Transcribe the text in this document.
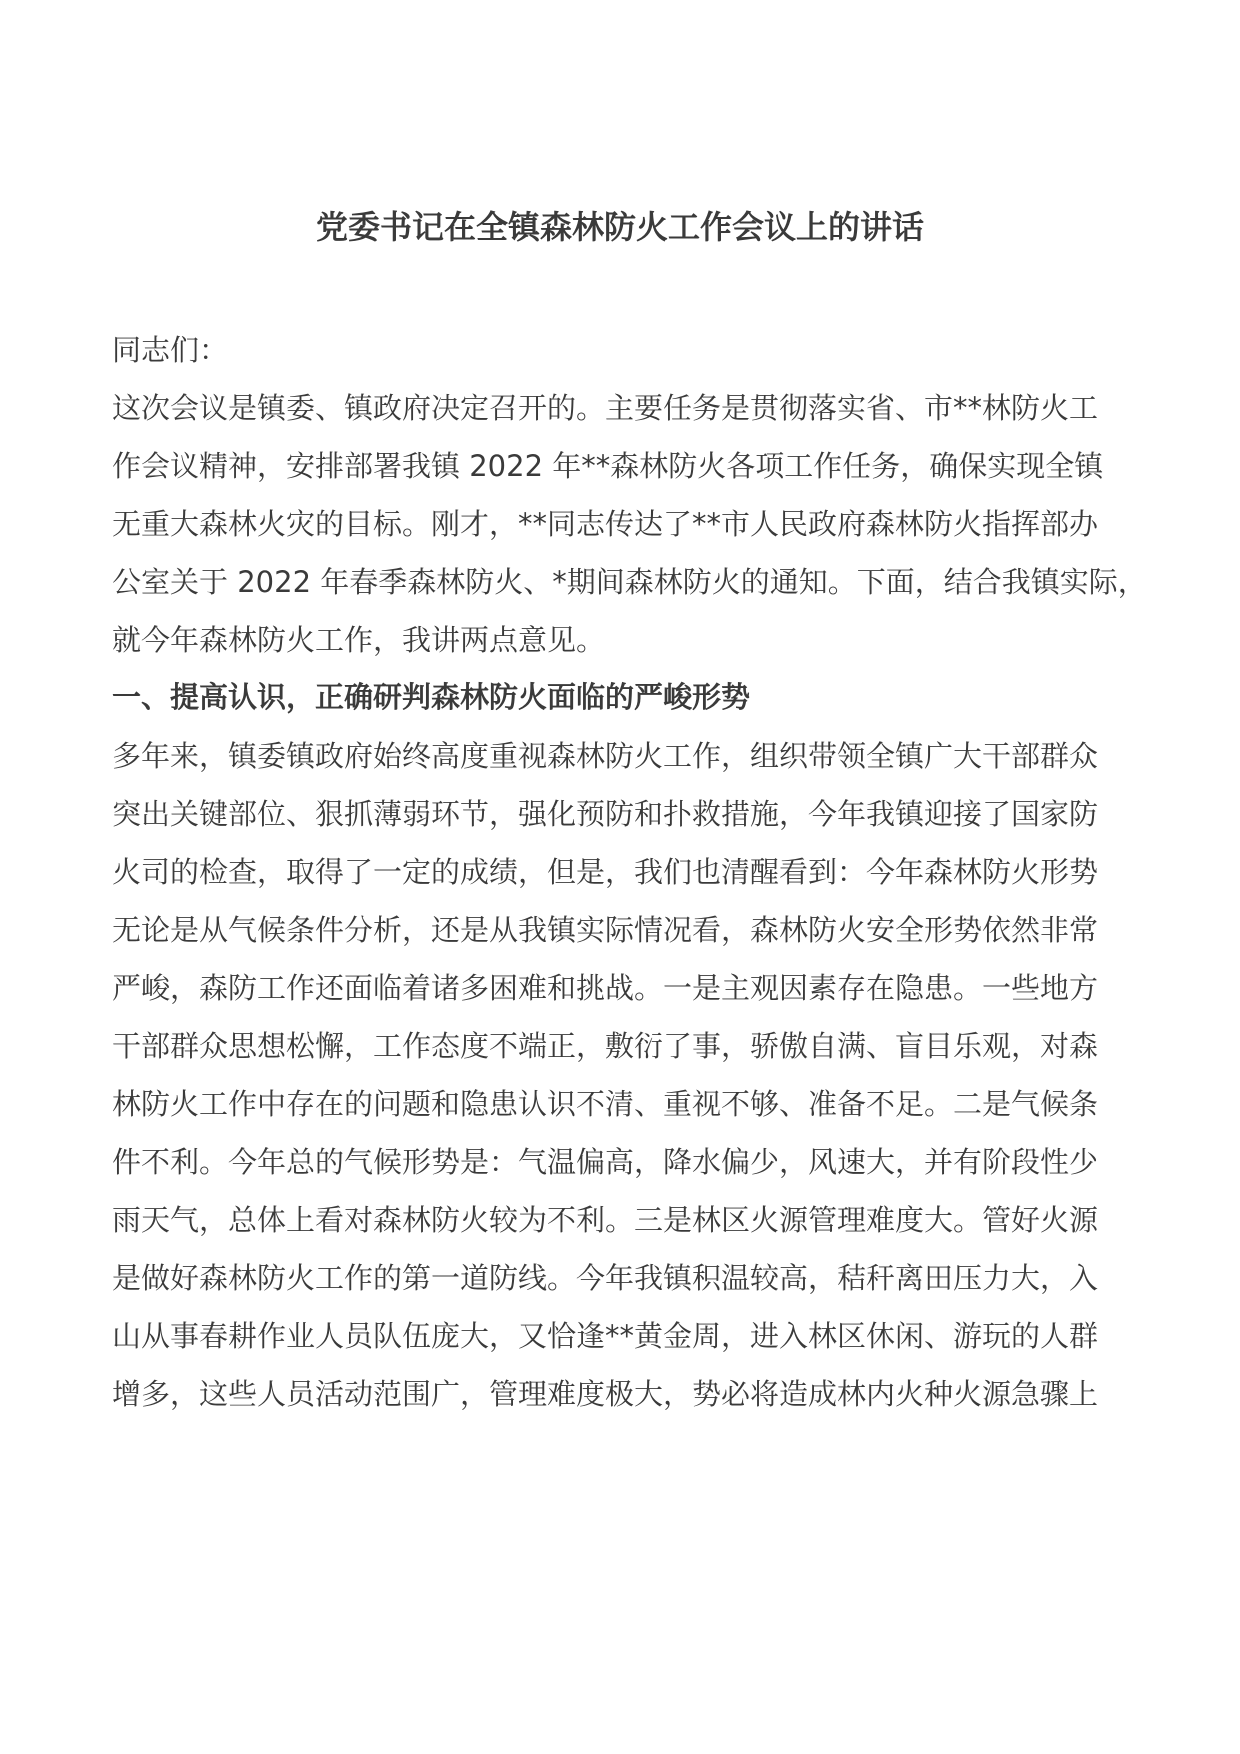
党委书记在全镇森林防火工作会议上的讲话

同志们：

这次会议是镇委、镇政府决定召开的。主要任务是贯彻落实省、市**林防火工

作会议精神，安排部署我镇 2022 年**森林防火各项工作任务，确保实现全镇

无重大森林火灾的目标。刚才，**同志传达了**市人民政府森林防火指挥部办

公室关于 2022 年春季森林防火、*期间森林防火的通知。下面，结合我镇实际，

就今年森林防火工作，我讲两点意见。

一、提高认识，正确研判森林防火面临的严峻形势

多年来，镇委镇政府始终高度重视森林防火工作，组织带领全镇广大干部群众

突出关键部位、狠抓薄弱环节，强化预防和扑救措施，今年我镇迎接了国家防

火司的检查，取得了一定的成绩，但是，我们也清醒看到：今年森林防火形势

无论是从气候条件分析，还是从我镇实际情况看，森林防火安全形势依然非常

严峻，森防工作还面临着诸多困难和挑战。一是主观因素存在隐患。一些地方

干部群众思想松懈，工作态度不端正，敷衍了事，骄傲自满、盲目乐观，对森

林防火工作中存在的问题和隐患认识不清、重视不够、准备不足。二是气候条

件不利。今年总的气候形势是：气温偏高，降水偏少，风速大，并有阶段性少

雨天气，总体上看对森林防火较为不利。三是林区火源管理难度大。管好火源

是做好森林防火工作的第一道防线。今年我镇积温较高，秸秆离田压力大，入

山从事春耕作业人员队伍庞大，又恰逢**黄金周，进入林区休闲、游玩的人群

增多，这些人员活动范围广，管理难度极大，势必将造成林内火种火源急骤上
